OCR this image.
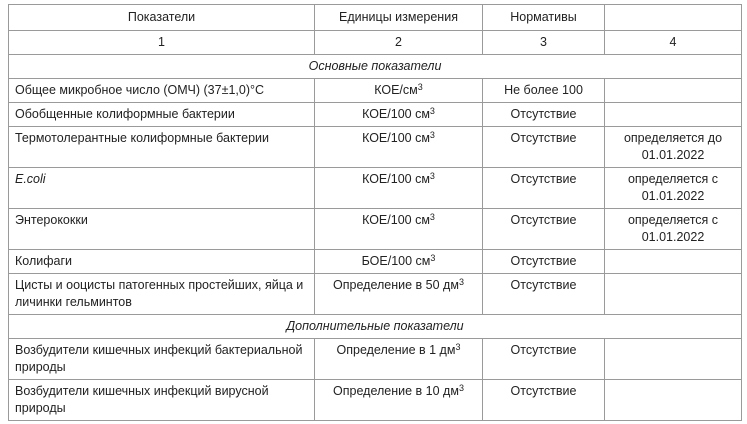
Показатели	Единицы измерения	Нормативы	
1	2	3	4
Основные показатели			
Общее микробное число (ОМЧ) (37±1,0)°С	КОЕ/$см^3$	Не более 100	
Обобщенные колиформные бактерии	КОЕ/100 $см^3$	Отсутствие	
Термотолерантные колиформные бактерии	КОЕ/100 $см^3$	Отсутствие	определяется до 01.01.2022
E.coli	КОЕ/100 $см^3$	Отсутствие	определяется с 01.01.2022
Энтерококки	КОЕ/100 $см^3$	Отсутствие	определяется с 01.01.2022
Колифаги	БОЕ/100 $см^3$	Отсутствие	
Цисты и ооцисты патогенных простейших, яйца и личинки гельминтов	Определение в 50 $дм^3$	Отсутствие	
Дополнительные показатели			
Возбудители кишечных инфекций бактериальной природы	Определение в 1 $дм^3$	Отсутствие	
Возбудители кишечных инфекций вирусной природы	Определение в 10 $дм^3$	Отсутствие	
